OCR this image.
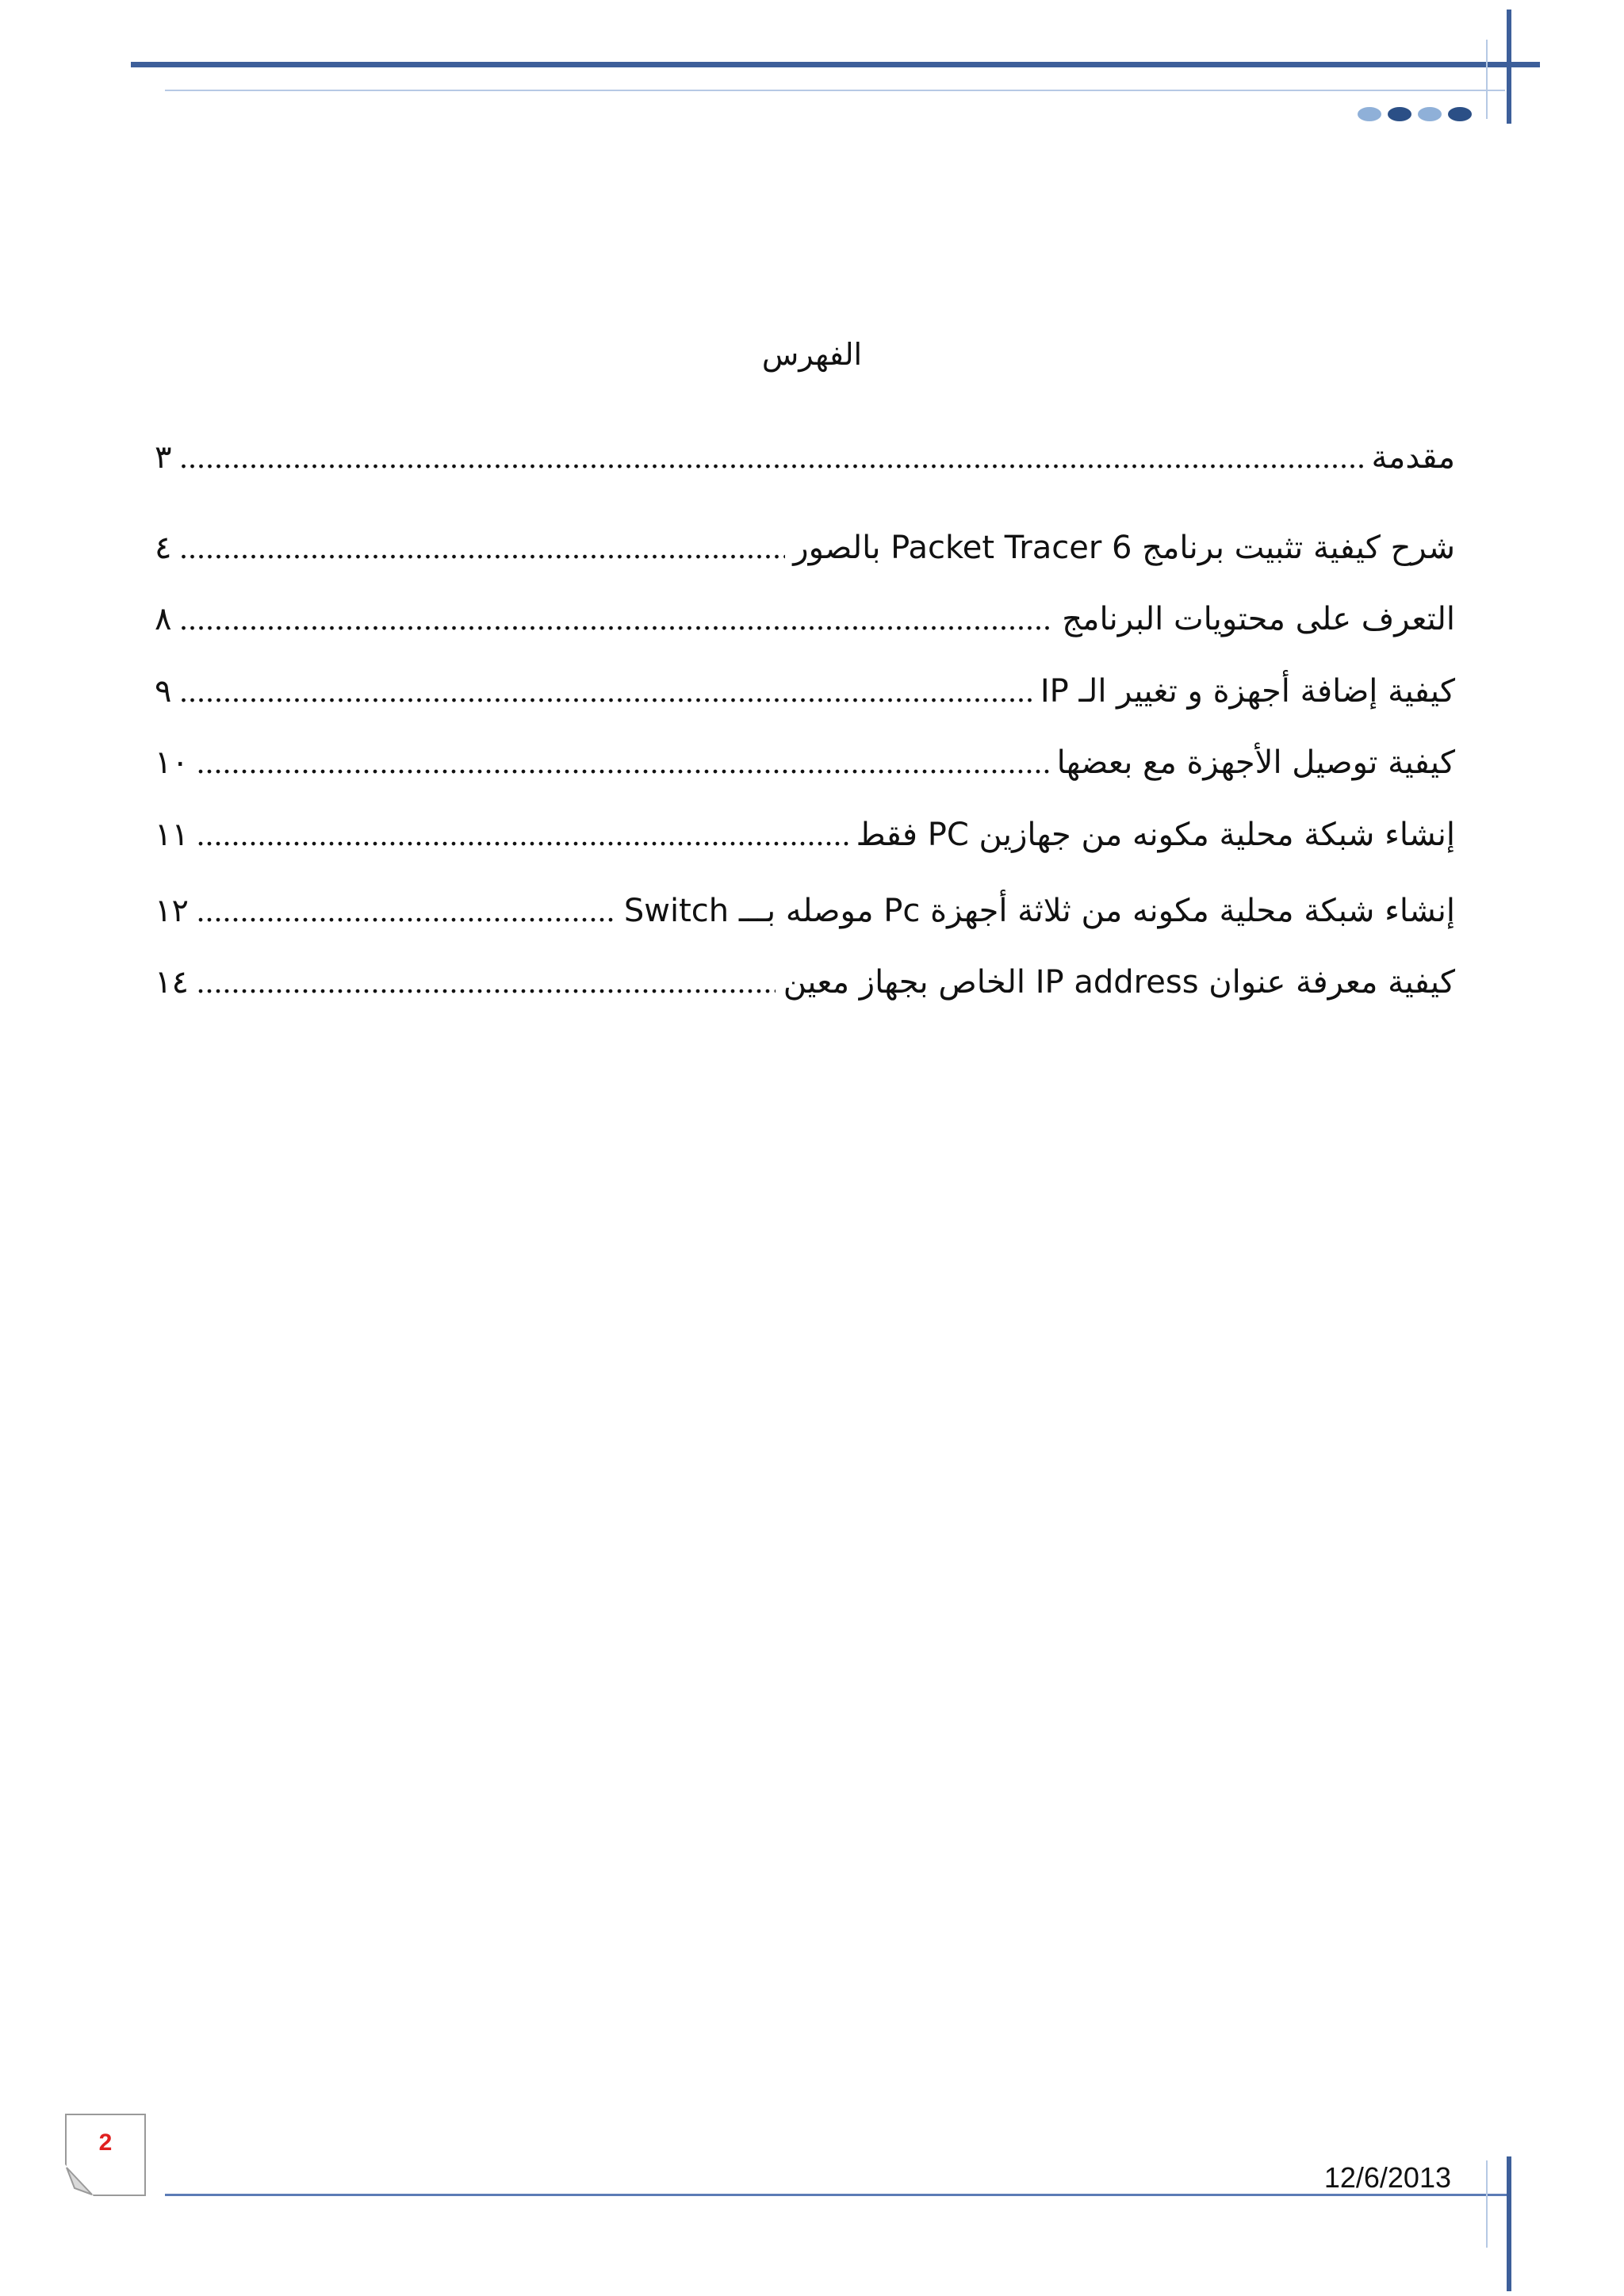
الفهرس
مقدمة
.....
٣
شرح كيفية تثبيت برنامج Packet Tracer 6 بالصور
.....
٤
التعرف على محتويات البرنامج
.....
٨
كيفية إضافة أجهزة و تغيير الـ IP
.....
٩
كيفية توصيل الأجهزة مع بعضها
.....
١٠
إنشاء شبكة محلية مكونه من جهازين PC فقط
.....
١١
إنشاء شبكة محلية مكونه من ثلاثة أجهزة Pc موصله بـــ Switch
.....
١٢
كيفية معرفة عنوان IP address الخاص بجهاز معين
.....
١٤
2
12/6/2013
